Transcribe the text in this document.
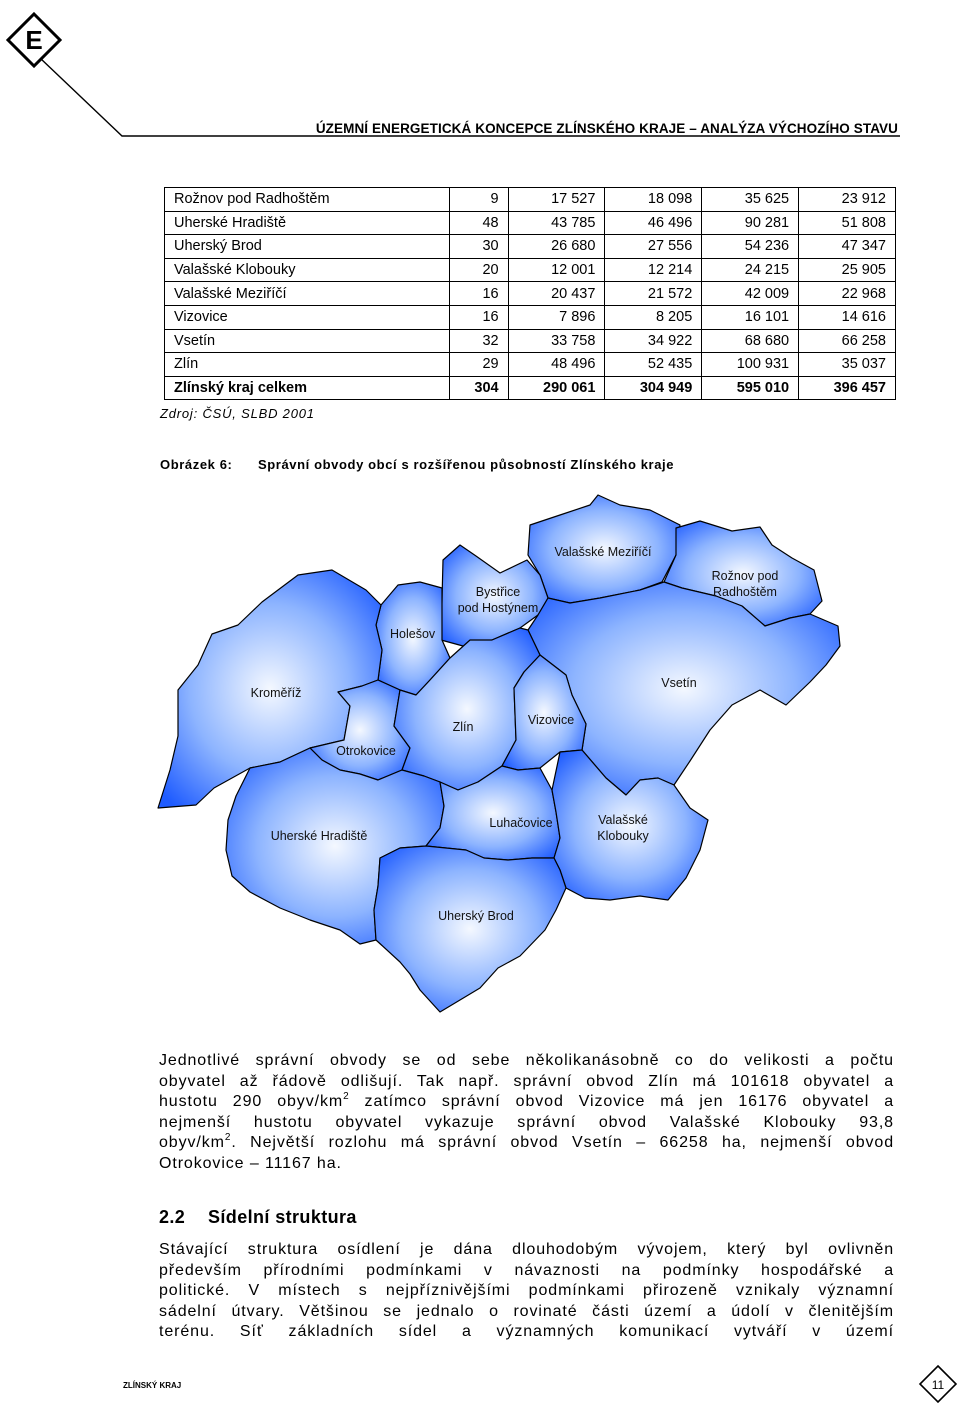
E
ÚZEMNÍ ENERGETICKÁ KONCEPCE ZLÍNSKÉHO KRAJE – ANALÝZA VÝCHOZÍHO STAVU
Rožnov pod Radhoštěm	9	17 527	18 098	35 625	23 912
Uherské Hradiště	48	43 785	46 496	90 281	51 808
Uherský Brod	30	26 680	27 556	54 236	47 347
Valašské Klobouky	20	12 001	12 214	24 215	25 905
Valašské Meziříčí	16	20 437	21 572	42 009	22 968
Vizovice	16	7 896	8 205	16 101	14 616
Vsetín	32	33 758	34 922	68 680	66 258
Zlín	29	48 496	52 435	100 931	35 037
Zlínský kraj celkem	304	290 061	304 949	595 010	396 457
Zdroj: ČSÚ, SLBD 2001
Obrázek 6: Správní obvody obcí s rozšířenou působností Zlínského kraje
Valašské Meziříčí
Rožnov pod
Radhoštěm
Bystřice
pod Hostýnem
Holešov
Vsetín
Kroměříž
Vizovice
Zlín
Otrokovice
Luhačovice	Valašské
Klobouky
Uherské Hradiště
Uherský Brod
Jednotlivé správní obvody se od sebe několikanásobně co do velikosti a počtu
obyvatel až řádově odlišují. Tak např. správní obvod Zlín má 101618 obyvatel a
hustotu 290 obyv/$km^2$ zatímco správní obvod Vizovice má jen 16176 obyvatel a
nejmenší hustotu obyvatel vykazuje správní obvod Valašské Klobouky 93,8
obyv/$km^2$. Největší rozlohu má správní obvod Vsetín – 66258 ha, nejmenší obvod
Otrokovice – 11167 ha.
2.2 Sídelní struktura
Stávající struktura osídlení je dána dlouhodobým vývojem, který byl ovlivněn
především přírodními podmínkami v návaznosti na podmínky hospodářské a
politické. V místech s nejpříznivějšími podmínkami přirozeně vznikaly významní
sádelní útvary. Většinou se jednalo o rovinaté části území a údolí v členitějším
terénu. Síť základních sídel a významných komunikací vytváří v území
ZLÍNSKÝ KRAJ	11
